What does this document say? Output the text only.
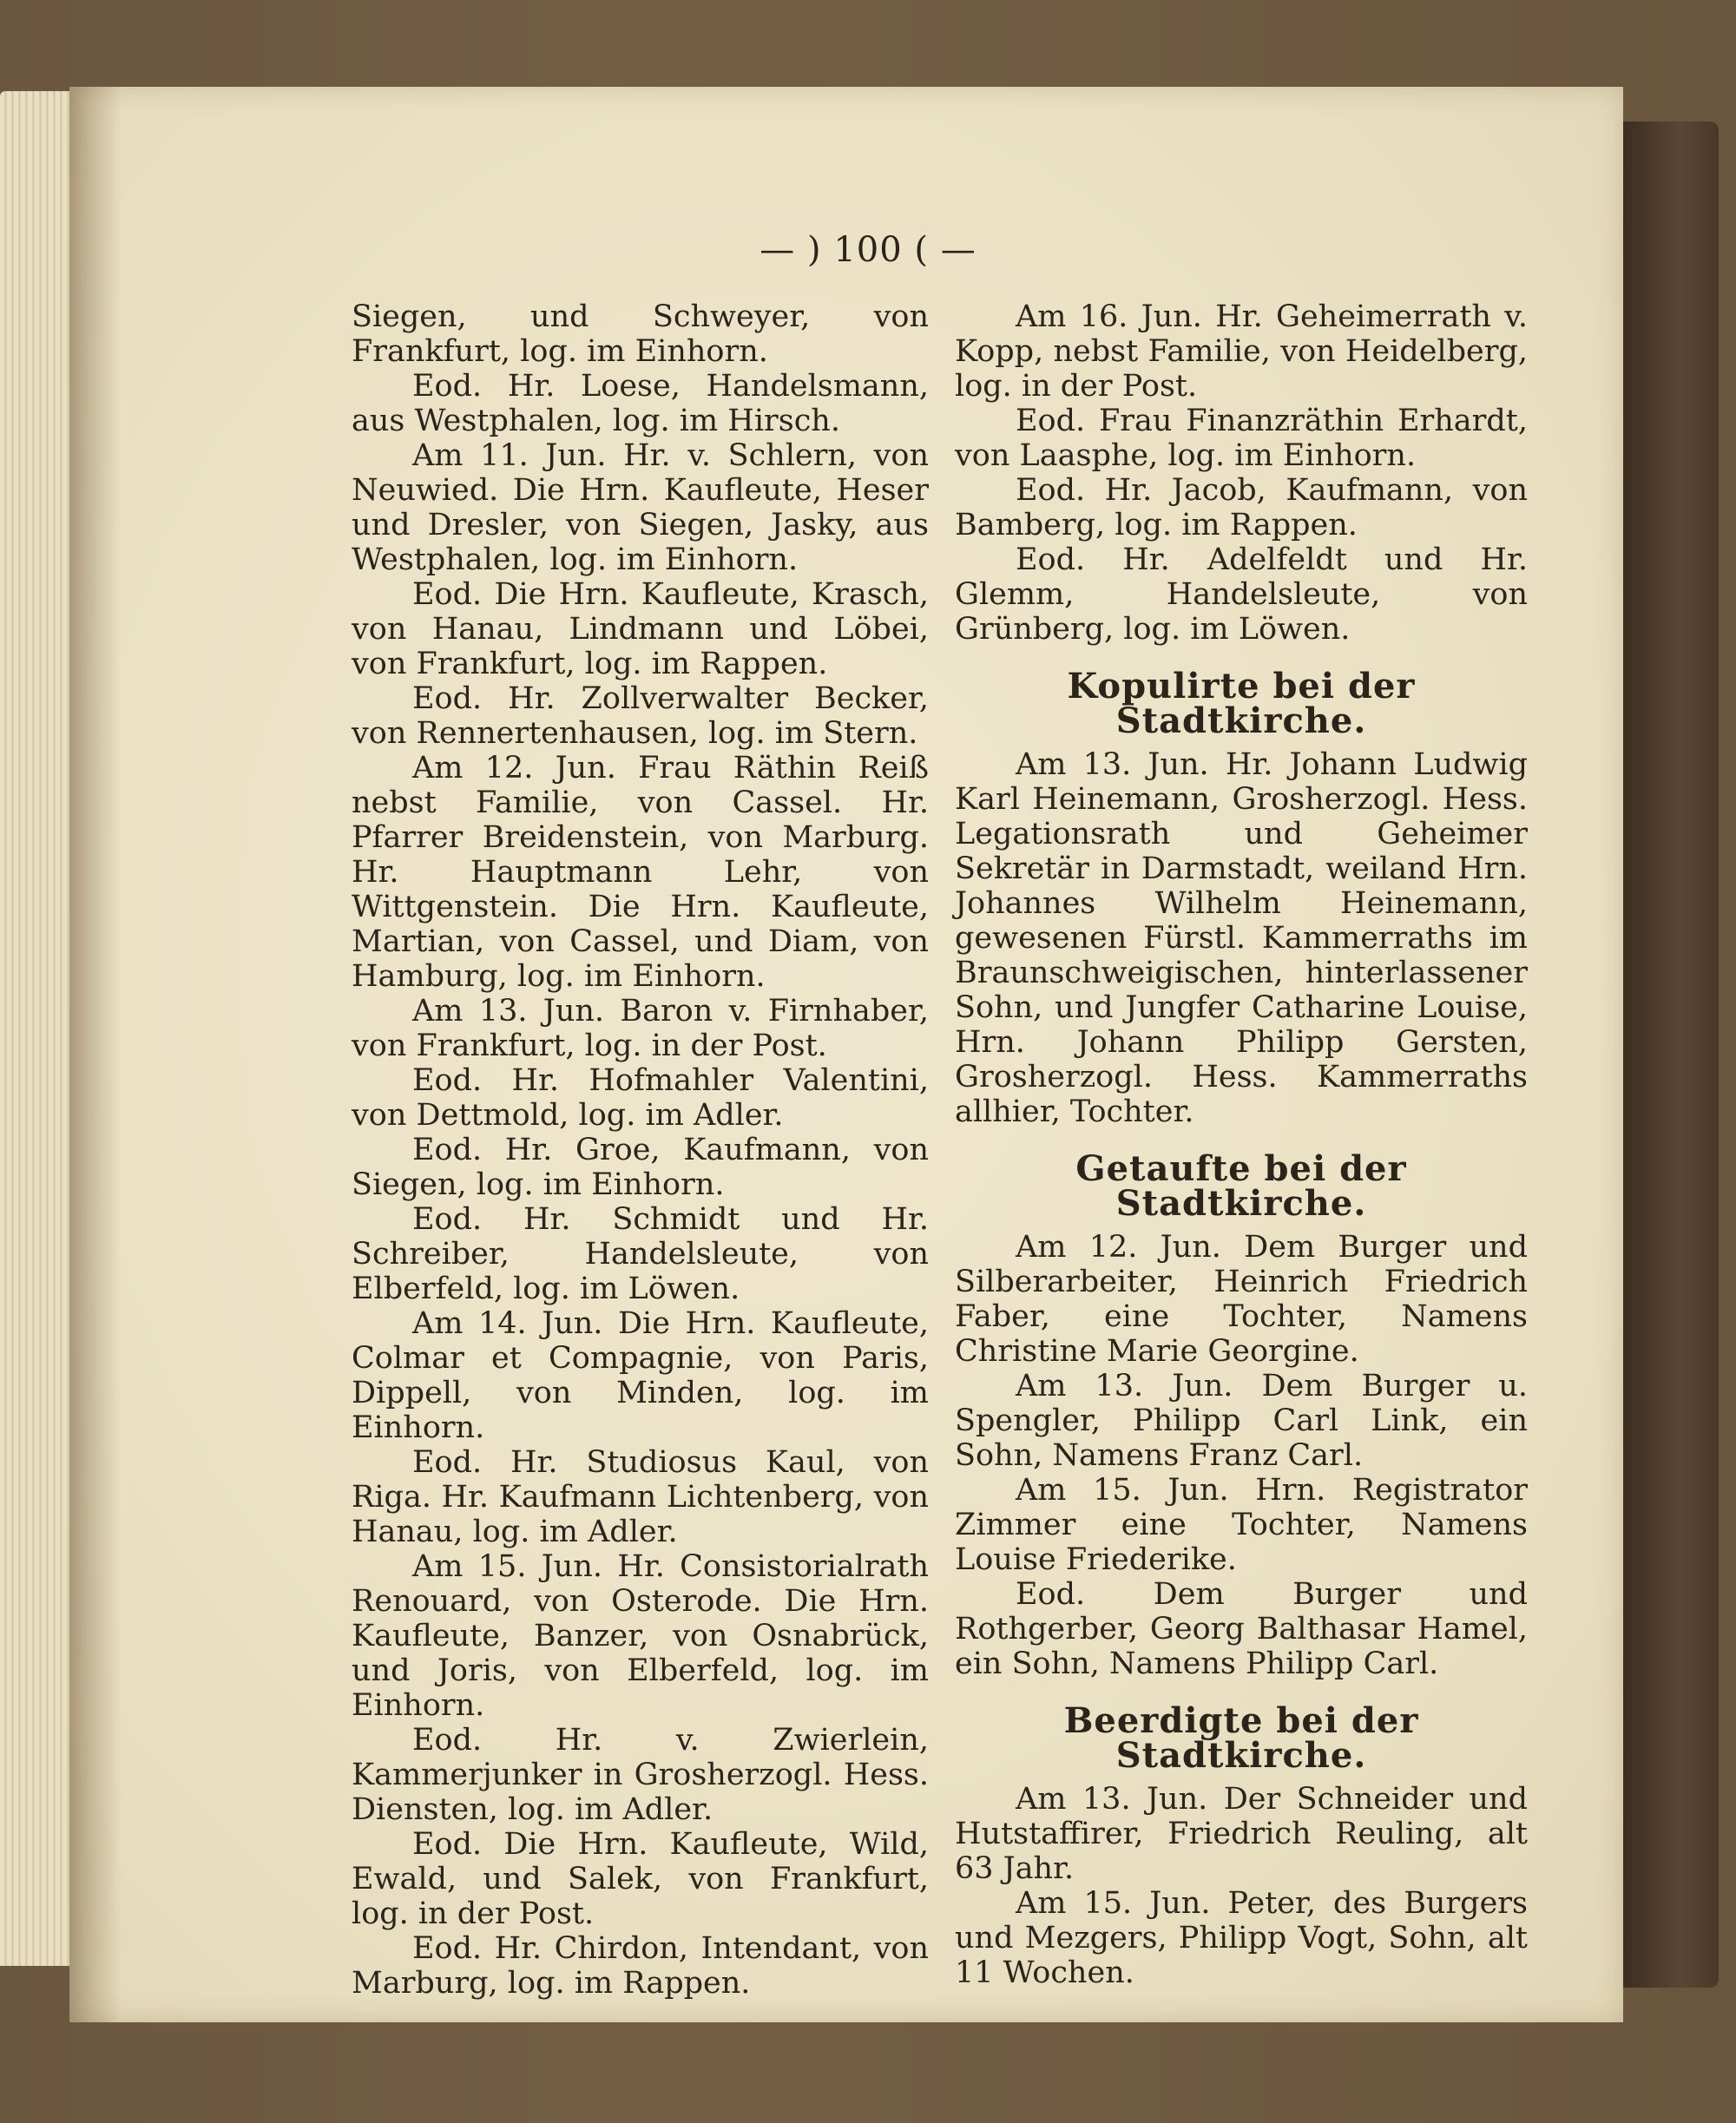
— ) 100 ( —

Siegen, und Schweyer, von Frankfurt, log. im Einhorn.

Eod. Hr. Loese, Handelsmann, aus Westphalen, log. im Hirsch.

Am 11. Jun. Hr. v. Schlern, von Neuwied. Die Hrn. Kaufleute, Heser und Dresler, von Siegen, Jasky, aus Westphalen, log. im Einhorn.

Eod. Die Hrn. Kaufleute, Krasch, von Hanau, Lindmann und Löbei, von Frankfurt, log. im Rappen.

Eod. Hr. Zollverwalter Becker, von Rennertenhausen, log. im Stern.

Am 12. Jun. Frau Räthin Reiß nebst Familie, von Cassel. Hr. Pfarrer Breidenstein, von Marburg. Hr. Hauptmann Lehr, von Wittgenstein. Die Hrn. Kaufleute, Martian, von Cassel, und Diam, von Hamburg, log. im Einhorn.

Am 13. Jun. Baron v. Firnhaber, von Frankfurt, log. in der Post.

Eod. Hr. Hofmahler Valentini, von Dettmold, log. im Adler.

Eod. Hr. Groe, Kaufmann, von Siegen, log. im Einhorn.

Eod. Hr. Schmidt und Hr. Schreiber, Handelsleute, von Elberfeld, log. im Löwen.

Am 14. Jun. Die Hrn. Kaufleute, Colmar et Compagnie, von Paris, Dippell, von Minden, log. im Einhorn.

Eod. Hr. Studiosus Kaul, von Riga. Hr. Kaufmann Lichtenberg, von Hanau, log. im Adler.

Am 15. Jun. Hr. Consistorialrath Renouard, von Osterode. Die Hrn. Kaufleute, Banzer, von Osnabrück, und Joris, von Elberfeld, log. im Einhorn.

Eod. Hr. v. Zwierlein, Kammerjunker in Grosherzogl. Hess. Diensten, log. im Adler.

Eod. Die Hrn. Kaufleute, Wild, Ewald, und Salek, von Frankfurt, log. in der Post.

Eod. Hr. Chirdon, Intendant, von Marburg, log. im Rappen.

Am 16. Jun. Hr. Geheimerrath v. Kopp, nebst Familie, von Heidelberg, log. in der Post.

Eod. Frau Finanzräthin Erhardt, von Laasphe, log. im Einhorn.

Eod. Hr. Jacob, Kaufmann, von Bamberg, log. im Rappen.

Eod. Hr. Adelfeldt und Hr. Glemm, Handelsleute, von Grünberg, log. im Löwen.

Kopulirte bei der Stadtkirche.

Am 13. Jun. Hr. Johann Ludwig Karl Heinemann, Grosherzogl. Hess. Legationsrath und Geheimer Sekretär in Darmstadt, weiland Hrn. Johannes Wilhelm Heinemann, gewesenen Fürstl. Kammerraths im Braunschweigischen, hinterlassener Sohn, und Jungfer Catharine Louise, Hrn. Johann Philipp Gersten, Grosherzogl. Hess. Kammerraths allhier, Tochter.

Getaufte bei der Stadtkirche.

Am 12. Jun. Dem Burger und Silberarbeiter, Heinrich Friedrich Faber, eine Tochter, Namens Christine Marie Georgine.

Am 13. Jun. Dem Burger u. Spengler, Philipp Carl Link, ein Sohn, Namens Franz Carl.

Am 15. Jun. Hrn. Registrator Zimmer eine Tochter, Namens Louise Friederike.

Eod. Dem Burger und Rothgerber, Georg Balthasar Hamel, ein Sohn, Namens Philipp Carl.

Beerdigte bei der Stadtkirche.

Am 13. Jun. Der Schneider und Hutstaffirer, Friedrich Reuling, alt 63 Jahr.

Am 15. Jun. Peter, des Burgers und Mezgers, Philipp Vogt, Sohn, alt 11 Wochen.
